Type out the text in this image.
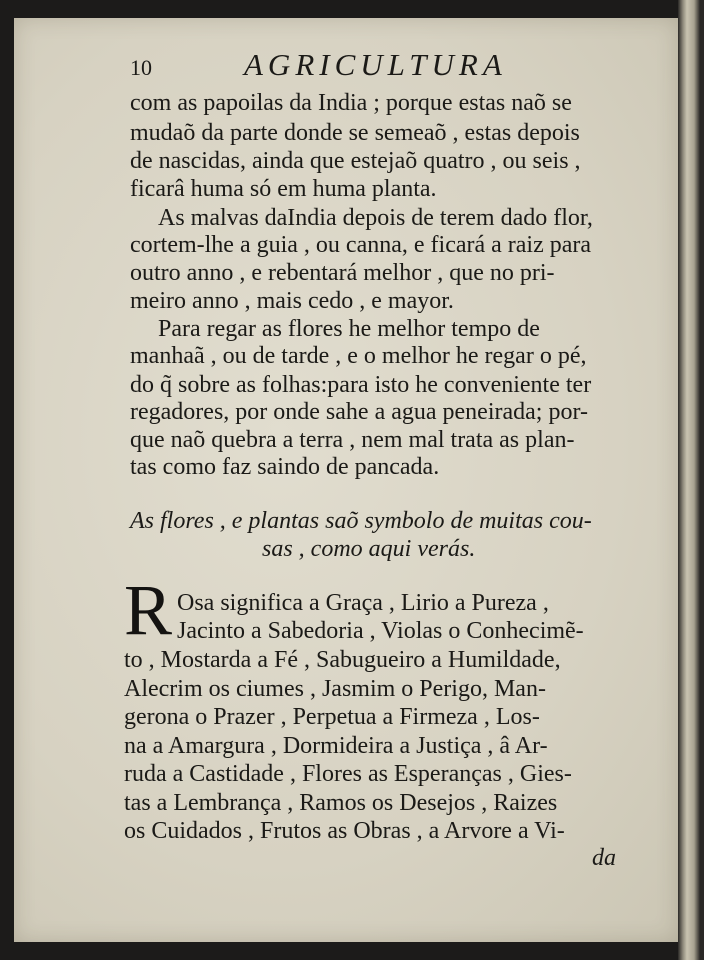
10	AGRICULTURA
com as papoilas da India ; porque estas naõ se
mudaõ da parte donde se semeaõ , estas depois
de nascidas, ainda que estejaõ quatro , ou seis ,
ficarâ huma só em huma planta.
As malvas daIndia depois de terem dado flor,
cortem-lhe a guia , ou canna, e ficará a raiz para
outro anno , e rebentará melhor , que no pri-
meiro anno , mais cedo , e mayor.
Para regar as flores he melhor tempo de
manhaã , ou de tarde , e o melhor he regar o pé,
do q̃ sobre as folhas:para isto he conveniente ter
regadores, por onde sahe a agua peneirada; por-
que naõ quebra a terra , nem mal trata as plan-
tas como faz saindo de pancada.
As flores , e plantas saõ symbolo de muitas cou-
sas , como aqui verás.
R Osa significa a Graça , Lirio a Pureza ,
Jacinto a Sabedoria , Violas o Conhecimẽ-
to , Mostarda a Fé , Sabugueiro a Humildade,
Alecrim os ciumes , Jasmim o Perigo, Man-
gerona o Prazer , Perpetua a Firmeza , Los-
na a Amargura , Dormideira a Justiça , â Ar-
ruda a Castidade , Flores as Esperanças , Gies-
tas a Lembrança , Ramos os Desejos , Raizes
os Cuidados , Frutos as Obras , a Arvore a Vi-
da
